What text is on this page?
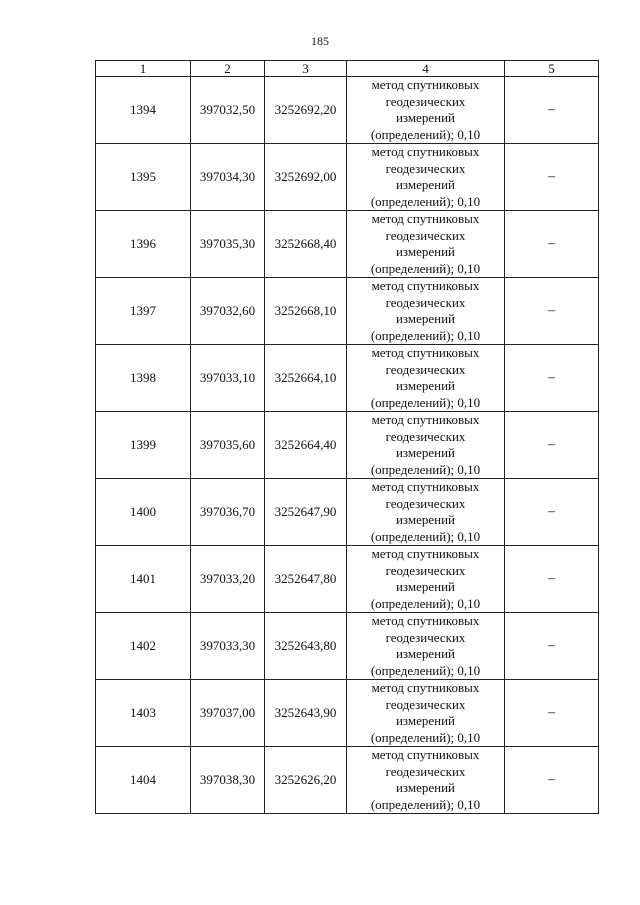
185
1	2	3	4	5
1394	397032,50	3252692,20	метод спутниковых
геодезических
измерений
(определений); 0,10	–
1395	397034,30	3252692,00	метод спутниковых
геодезических
измерений
(определений); 0,10	–
1396	397035,30	3252668,40	метод спутниковых
геодезических
измерений
(определений); 0,10	–
1397	397032,60	3252668,10	метод спутниковых
геодезических
измерений
(определений); 0,10	–
1398	397033,10	3252664,10	метод спутниковых
геодезических
измерений
(определений); 0,10	–
1399	397035,60	3252664,40	метод спутниковых
геодезических
измерений
(определений); 0,10	–
1400	397036,70	3252647,90	метод спутниковых
геодезических
измерений
(определений); 0,10	–
1401	397033,20	3252647,80	метод спутниковых
геодезических
измерений
(определений); 0,10	–
1402	397033,30	3252643,80	метод спутниковых
геодезических
измерений
(определений); 0,10	–
1403	397037,00	3252643,90	метод спутниковых
геодезических
измерений
(определений); 0,10	–
1404	397038,30	3252626,20	метод спутниковых
геодезических
измерений
(определений); 0,10	–
